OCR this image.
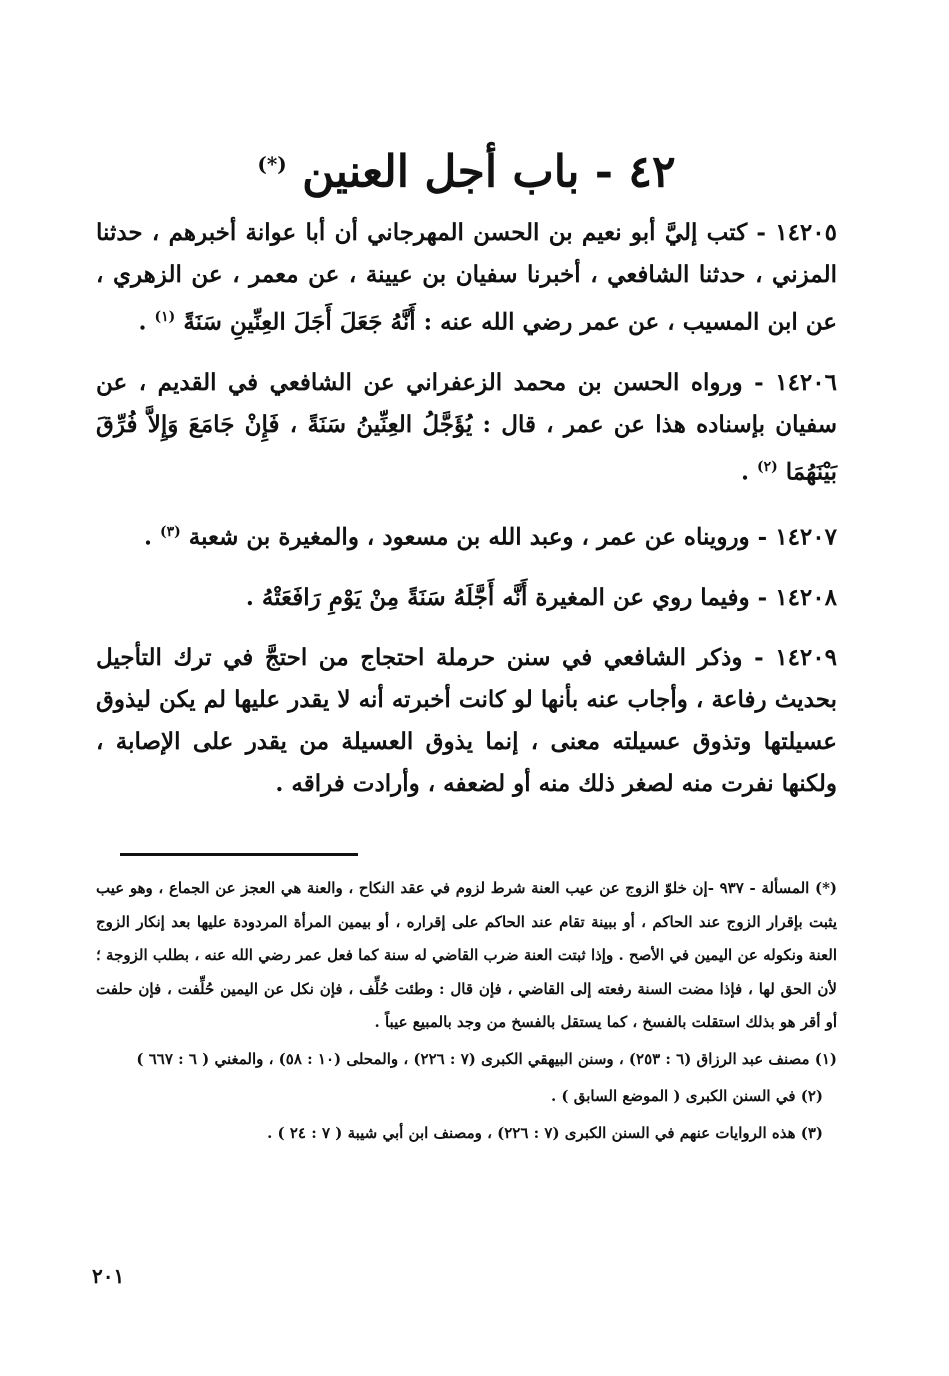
٤٢ - باب أجل العنين (*)

١٤٢٠٥ - كتب إليَّ أبو نعيم بن الحسن المهرجاني أن أبا عوانة أخبرهم ، حدثنا المزني ، حدثنا الشافعي ، أخبرنا سفيان بن عيينة ، عن معمر ، عن الزهري ، عن ابن المسيب ، عن عمر رضي الله عنه : أَنَّهُ جَعَلَ أَجَلَ العِنِّينِ سَنَةً $^{(١)}$ .

١٤٢٠٦ - ورواه الحسن بن محمد الزعفراني عن الشافعي في القديم ، عن سفيان بإسناده هذا عن عمر ، قال : يُؤَجَّلُ العِنِّينُ سَنَةً ، فَإِنْ جَامَعَ وَإِلاَّ فُرِّقَ بَيْنَهُمَا $^{(٢)}$ .

١٤٢٠٧ - ورويناه عن عمر ، وعبد الله بن مسعود ، والمغيرة بن شعبة $^{(٣)}$ .

١٤٢٠٨ - وفيما روي عن المغيرة أَنَّه أَجَّلَهُ سَنَةً مِنْ يَوْمِ رَافَعَتْهُ .

١٤٢٠٩ - وذكر الشافعي في سنن حرملة احتجاج من احتجَّ في ترك التأجيل بحديث رفاعة ، وأجاب عنه بأنها لو كانت أخبرته أنه لا يقدر عليها لم يكن ليذوق عسيلتها وتذوق عسيلته معنى ، إنما يذوق العسيلة من يقدر على الإصابة ، ولكنها نفرت منه لصغر ذلك منه أو لضعفه ، وأرادت فراقه .

(*) المسألة - ٩٣٧ -إن خلوّ الزوج عن عيب العنة شرط لزوم في عقد النكاح ، والعنة هي العجز عن الجماع ، وهو عيب يثبت بإقرار الزوج عند الحاكم ، أو ببينة تقام عند الحاكم على إقراره ، أو بيمين المرأة المردودة عليها بعد إنكار الزوج العنة ونكوله عن اليمين في الأصح . وإذا ثبتت العنة ضرب القاضي له سنة كما فعل عمر رضي الله عنه ، بطلب الزوجة ؛ لأن الحق لها ، فإذا مضت السنة رفعته إلى القاضي ، فإن قال : وطئت حُلِّف ، فإن نكل عن اليمين حُلِّفت ، فإن حلفت أو أقر هو بذلك استقلت بالفسخ ، كما يستقل بالفسخ من وجد بالمبيع عيباً .

(١) مصنف عبد الرزاق (٦ : ٢٥٣) ، وسنن البيهقي الكبرى (٧ : ٢٢٦) ، والمحلى (١٠ : ٥٨) ، والمغني ( ٦ : ٦٦٧ )

(٢) في السنن الكبرى ( الموضع السابق ) .

(٣) هذه الروايات عنهم في السنن الكبرى (٧ : ٢٢٦) ، ومصنف ابن أبي شيبة ( ٧ : ٢٤ ) .

٢٠١
